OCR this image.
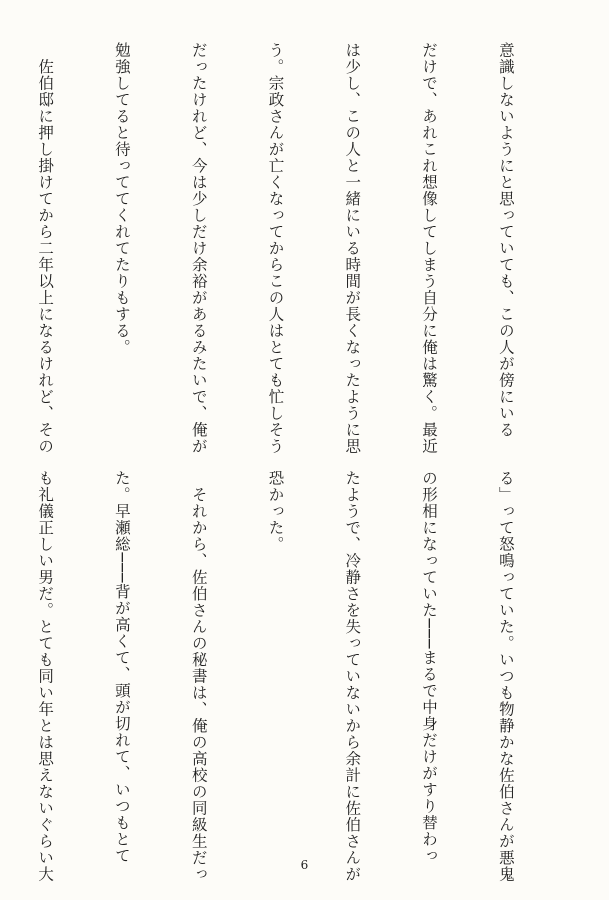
意識しないようにと思っていても、この人が傍にいる

だけで、あれこれ想像してしまう自分に俺は驚く。最近

は少し、この人と一緒にいる時間が長くなったように思

う。宗政さんが亡くなってからこの人はとても忙しそう

だったけれど、今は少しだけ余裕があるみたいで、俺が

勉強してると待っててくれてたりもする。

　佐伯邸に押し掛けてから二年以上になるけれど、その

る」って怒鳴っていた。いつも物静かな佐伯さんが悪鬼

の形相になっていた───まるで中身だけがすり替わっ

たようで、冷静さを失っていないから余計に佐伯さんが

恐かった。

　それから、佐伯さんの秘書は、俺の高校の同級生だっ

た。早瀬総───背が高くて、頭が切れて、いつもとて

も礼儀正しい男だ。とても同い年とは思えないぐらい大

	6
